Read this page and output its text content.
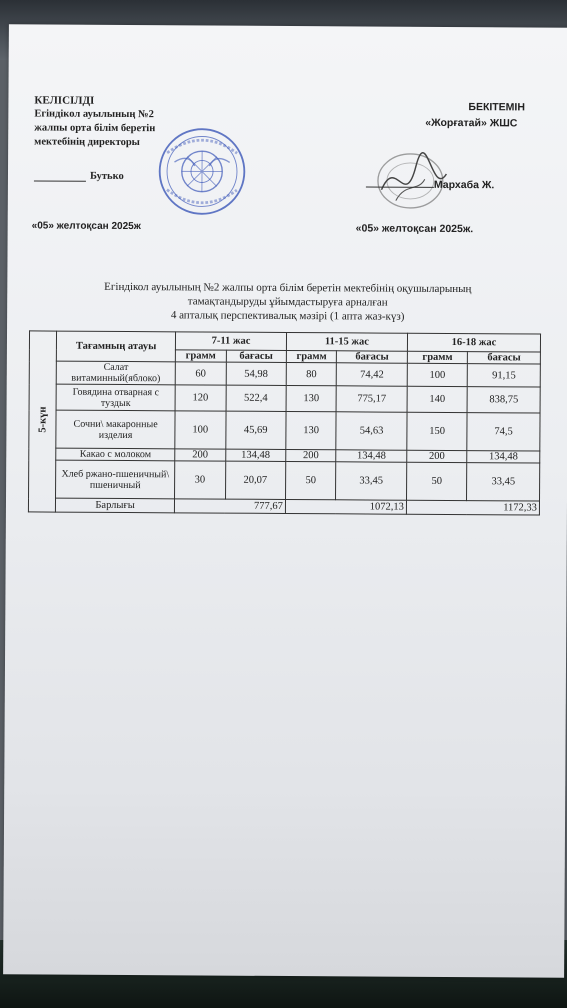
КЕЛІСІЛДІ
Егіндікол ауылының №2
жалпы орта білім беретін
мектебінің директоры
Бутько
«05» желтоқсан 2025ж
БЕКІТЕМІН
«Жорғатай» ЖШС
Мархаба Ж.
«05» желтоқсан 2025ж.
Егіндікол ауылының №2 жалпы орта білім беретін мектебінің оқушыларының
тамақтандыруды ұйымдастыруға арналған
4 апталық перспективалық мәзірі (1 апта жаз-күз)
5-күн	Тағамның атауы	7-11 жас		11-15 жас		16-18 жас	
		грамм	бағасы	грамм	бағасы	грамм	бағасы
	Салат витаминный(яблоко)	60	54,98	80	74,42	100	91,15
	Говядина отварная с туздык	120	522,4	130	775,17	140	838,75
	Сочни\ макаронные изделия	100	45,69	130	54,63	150	74,5
	Какао с молоком	200	134,48	200	134,48	200	134,48
	Хлеб ржано-пшеничный\ пшеничный	30	20,07	50	33,45	50	33,45
	Барлығы	777,67		1072,13		1172,33	
